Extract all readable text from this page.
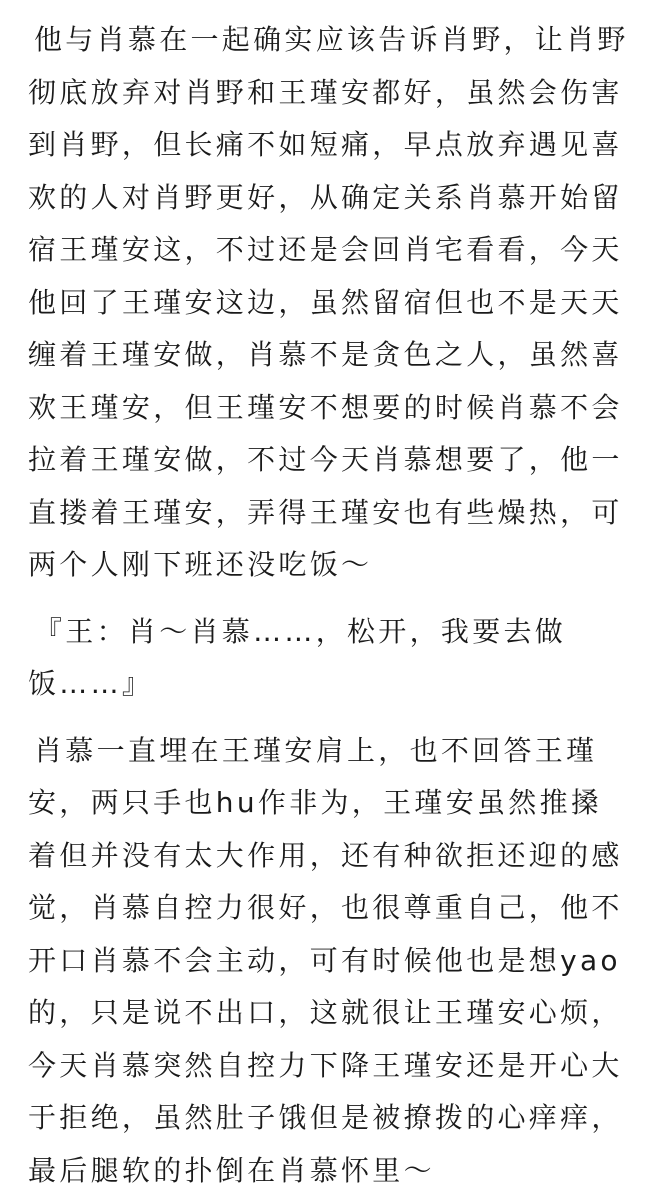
他与肖慕在一起确实应该告诉肖野，让肖野彻底放弃对肖野和王瑾安都好，虽然会伤害到肖野，但长痛不如短痛，早点放弃遇见喜欢的人对肖野更好，从确定关系肖慕开始留宿王瑾安这，不过还是会回肖宅看看，今天他回了王瑾安这边，虽然留宿但也不是天天缠着王瑾安做，肖慕不是贪色之人，虽然喜欢王瑾安，但王瑾安不想要的时候肖慕不会拉着王瑾安做，不过今天肖慕想要了，他一直搂着王瑾安，弄得王瑾安也有些燥热，可两个人刚下班还没吃饭～

『王：肖～肖慕……，松开，我要去做饭……』

肖慕一直埋在王瑾安肩上，也不回答王瑾安，两只手也hu作非为，王瑾安虽然推搡着但并没有太大作用，还有种欲拒还迎的感觉，肖慕自控力很好，也很尊重自己，他不开口肖慕不会主动，可有时候他也是想yao的，只是说不出口，这就很让王瑾安心烦，今天肖慕突然自控力下降王瑾安还是开心大于拒绝，虽然肚子饿但是被撩拨的心痒痒，最后腿软的扑倒在肖慕怀里～
